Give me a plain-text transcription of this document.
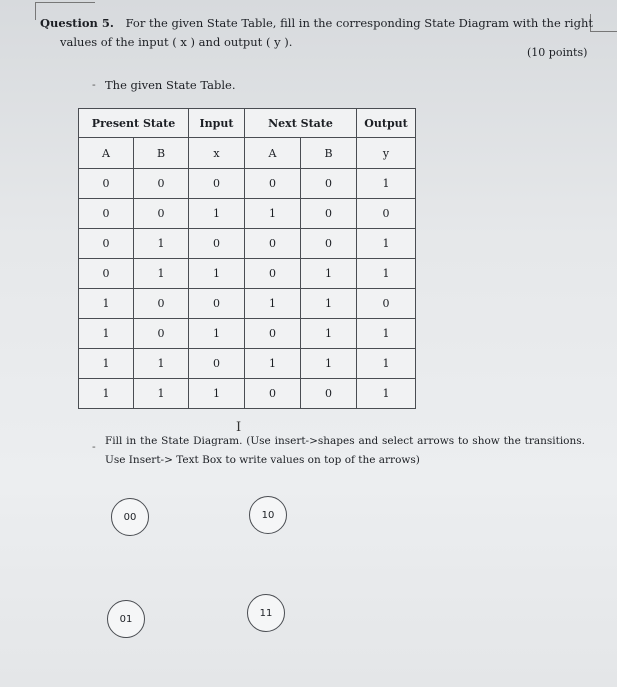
Question 5. For the given State Table, fill in the corresponding State Diagram with the right
values of the input ( x ) and output ( y ).
(10 points)
- The given State Table.
Present State		Input	Next State		Output
A	B	x	A	B	y
0	0	0	0	0	1
0	0	1	1	0	0
0	1	0	0	0	1
0	1	1	0	1	1
1	0	0	1	1	0
1	0	1	0	1	1
1	1	0	1	1	1
1	1	1	0	0	1
I
- Fill in the State Diagram. (Use insert->shapes and select arrows to show the transitions. Use Insert-> Text Box to write values on top of the arrows)
00	10
01
11
